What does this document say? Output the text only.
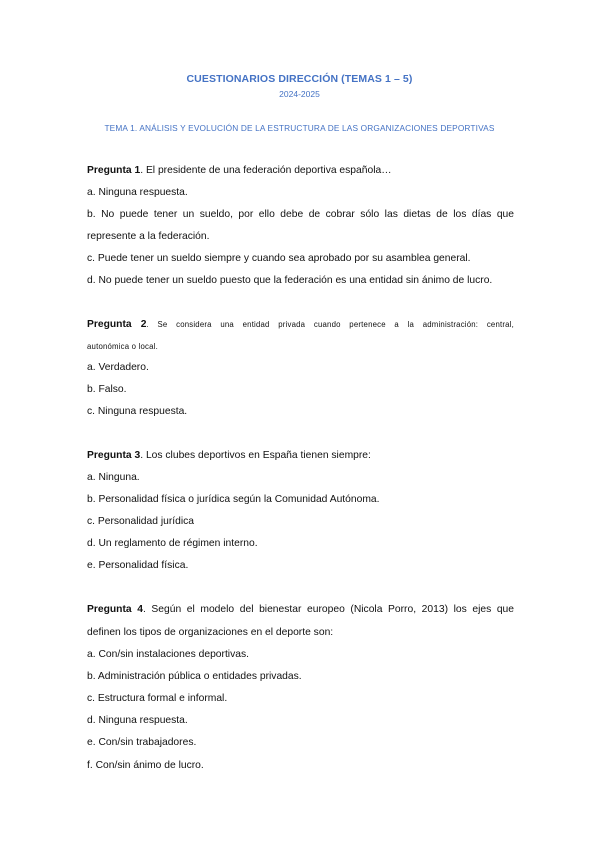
CUESTIONARIOS DIRECCIÓN (TEMAS 1 – 5)
2024-2025
TEMA 1. ANÁLISIS Y EVOLUCIÓN DE LA ESTRUCTURA DE LAS ORGANIZACIONES DEPORTIVAS
Pregunta 1. El presidente de una federación deportiva española…
a. Ninguna respuesta.
b. No puede tener un sueldo, por ello debe de cobrar sólo las dietas de los días que
represente a la federación.
c. Puede tener un sueldo siempre y cuando sea aprobado por su asamblea general.
d. No puede tener un sueldo puesto que la federación es una entidad sin ánimo de lucro.
Pregunta 2. Se considera una entidad privada cuando pertenece a la administración: central,
autonómica o local.
a. Verdadero.
b. Falso.
c. Ninguna respuesta.
Pregunta 3. Los clubes deportivos en España tienen siempre:
a. Ninguna.
b. Personalidad física o jurídica según la Comunidad Autónoma.
c. Personalidad jurídica
d. Un reglamento de régimen interno.
e. Personalidad física.
Pregunta 4. Según el modelo del bienestar europeo (Nicola Porro, 2013) los ejes que
definen los tipos de organizaciones en el deporte son:
a. Con/sin instalaciones deportivas.
b. Administración pública o entidades privadas.
c. Estructura formal e informal.
d. Ninguna respuesta.
e. Con/sin trabajadores.
f. Con/sin ánimo de lucro.
